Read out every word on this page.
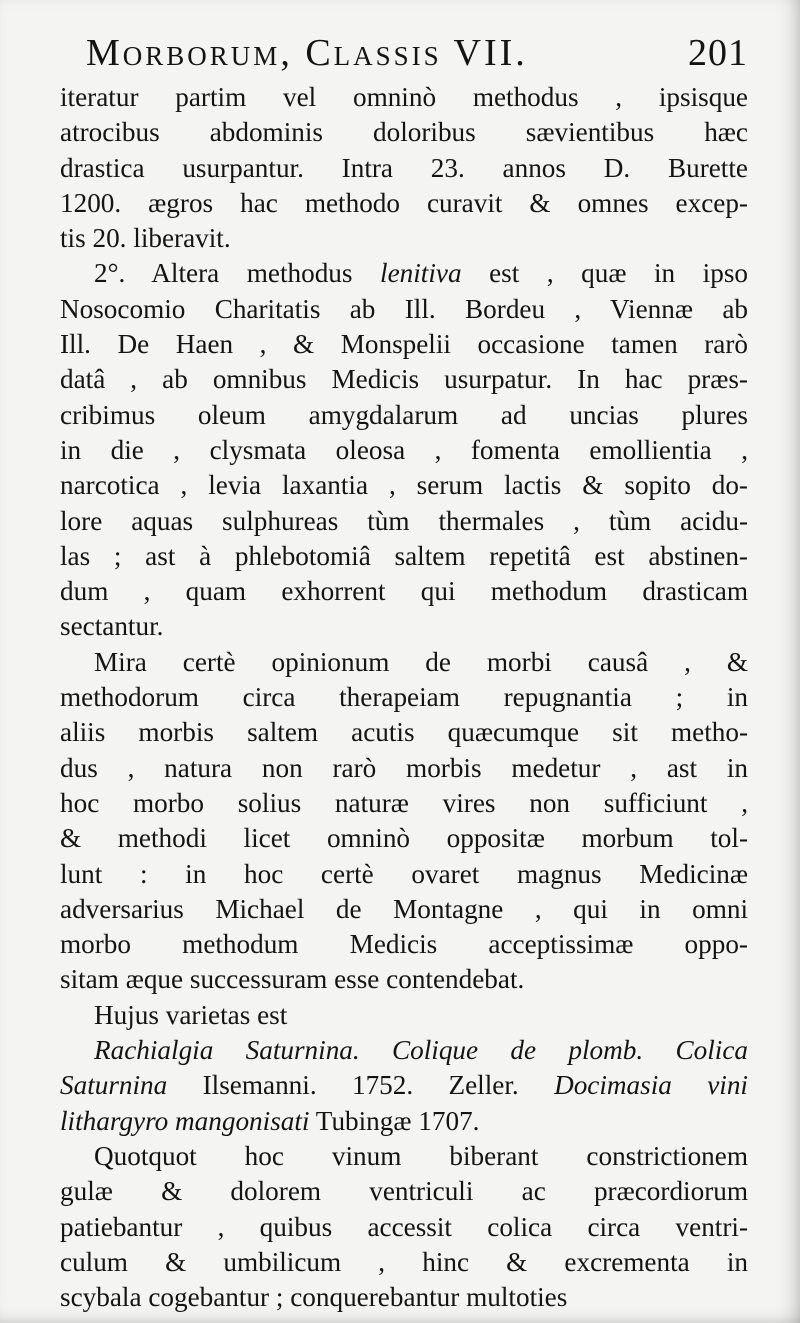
Morborum, Classis VII.	201
iteratur partim vel omninò methodus , ipsisque
atrocibus abdominis doloribus sævientibus hæc
drastica usurpantur. Intra 23. annos D. Burette
1200. ægros hac methodo curavit & omnes excep-
tis 20. liberavit.
2°. Altera methodus lenitiva est , quæ in ipso
Nosocomio Charitatis ab Ill. Bordeu , Viennæ ab
Ill. De Haen , & Monspelii occasione tamen rarò
datâ , ab omnibus Medicis usurpatur. In hac præs-
cribimus oleum amygdalarum ad uncias plures
in die , clysmata oleosa , fomenta emollientia ,
narcotica , levia laxantia , serum lactis & sopito do-
lore aquas sulphureas tùm thermales , tùm acidu-
las ; ast à phlebotomiâ saltem repetitâ est abstinen-
dum , quam exhorrent qui methodum drasticam
sectantur.
Mira certè opinionum de morbi causâ , &
methodorum circa therapeiam repugnantia ; in
aliis morbis saltem acutis quæcumque sit metho-
dus , natura non rarò morbis medetur , ast in
hoc morbo solius naturæ vires non sufficiunt ,
& methodi licet omninò oppositæ morbum tol-
lunt : in hoc certè ovaret magnus Medicinæ
adversarius Michael de Montagne , qui in omni
morbo methodum Medicis acceptissimæ oppo-
sitam æque successuram esse contendebat.
Hujus varietas est
Rachialgia Saturnina. Colique de plomb. Colica
Saturnina Ilsemanni. 1752. Zeller. Docimasia vini
lithargyro mangonisati Tubingæ 1707.
Quotquot hoc vinum biberant constrictionem
gulæ & dolorem ventriculi ac præcordiorum
patiebantur , quibus accessit colica circa ventri-
culum & umbilicum , hinc & excrementa in
scybala cogebantur ; conquerebantur multoties
